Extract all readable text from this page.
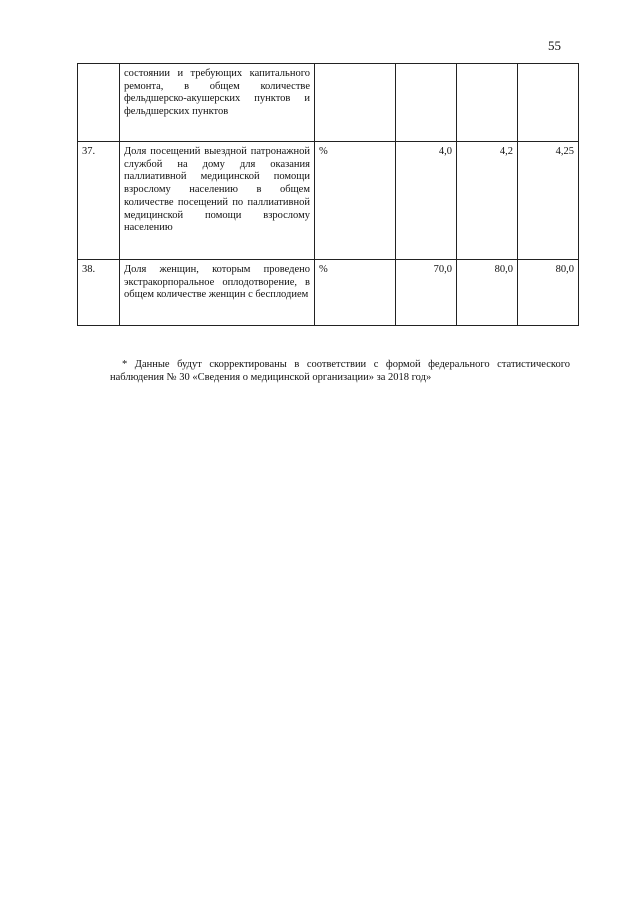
55
	состоянии и требующих капитального ремонта, в общем количестве фельдшерско-акушерских пунктов и фельдшерских пунктов				
37.	Доля посещений выездной патронажной службой на дому для оказания паллиативной медицинской помощи взрослому населению в общем количестве посещений по паллиативной медицинской помощи взрослому населению	%	4,0	4,2	4,25
38.	Доля женщин, которым проведено экстракорпоральное оплодотворение, в общем количестве женщин с бесплодием	%	70,0	80,0	80,0

* Данные будут скорректированы в соответствии с формой федерального статистического наблюдения № 30 «Сведения о медицинской организации» за 2018 год»
